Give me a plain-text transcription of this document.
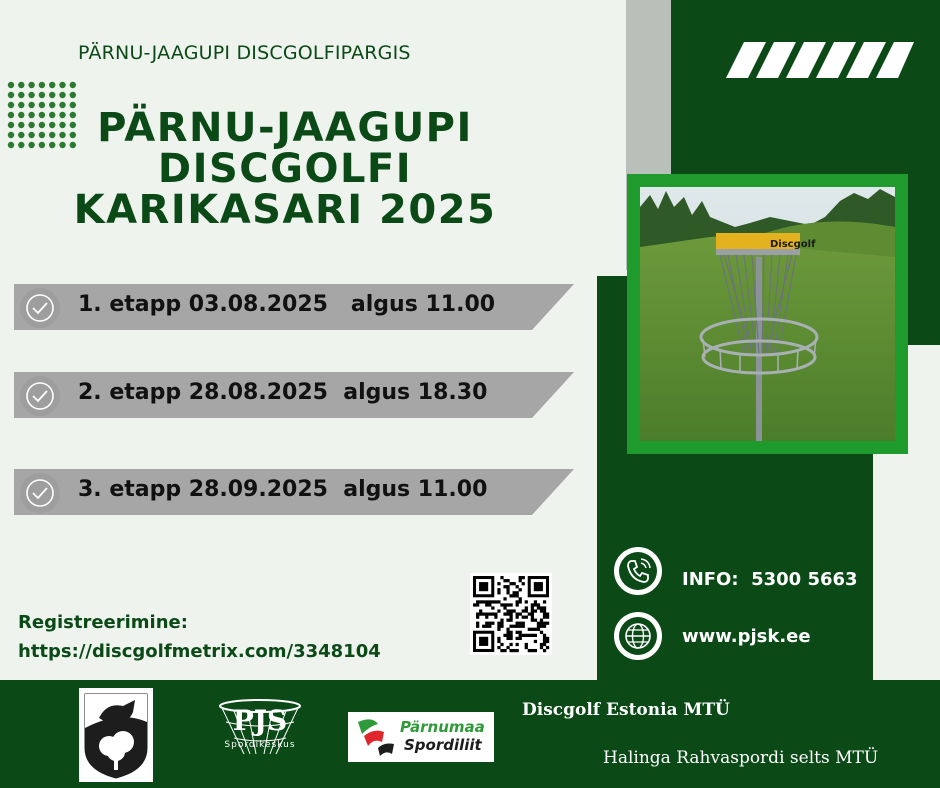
PÄRNU-JAAGUPI DISCGOLFIPARGIS
PÄRNU-JAAGUPI
DISCGOLFI
KARIKASARI 2025
1. etapp 03.08.2025   algus 11.00
2. etapp 28.08.2025  algus 18.30
3. etapp 28.09.2025  algus 11.00
Discgolf
Registreerimine:
https://discgolfmetrix.com/3348104
INFO:  5300 5663
www.pjsk.ee
PJS
Spordikeskus
Pärnumaa
Spordiliit
Discgolf Estonia MTÜ
Halinga Rahvaspordi selts MTÜ
